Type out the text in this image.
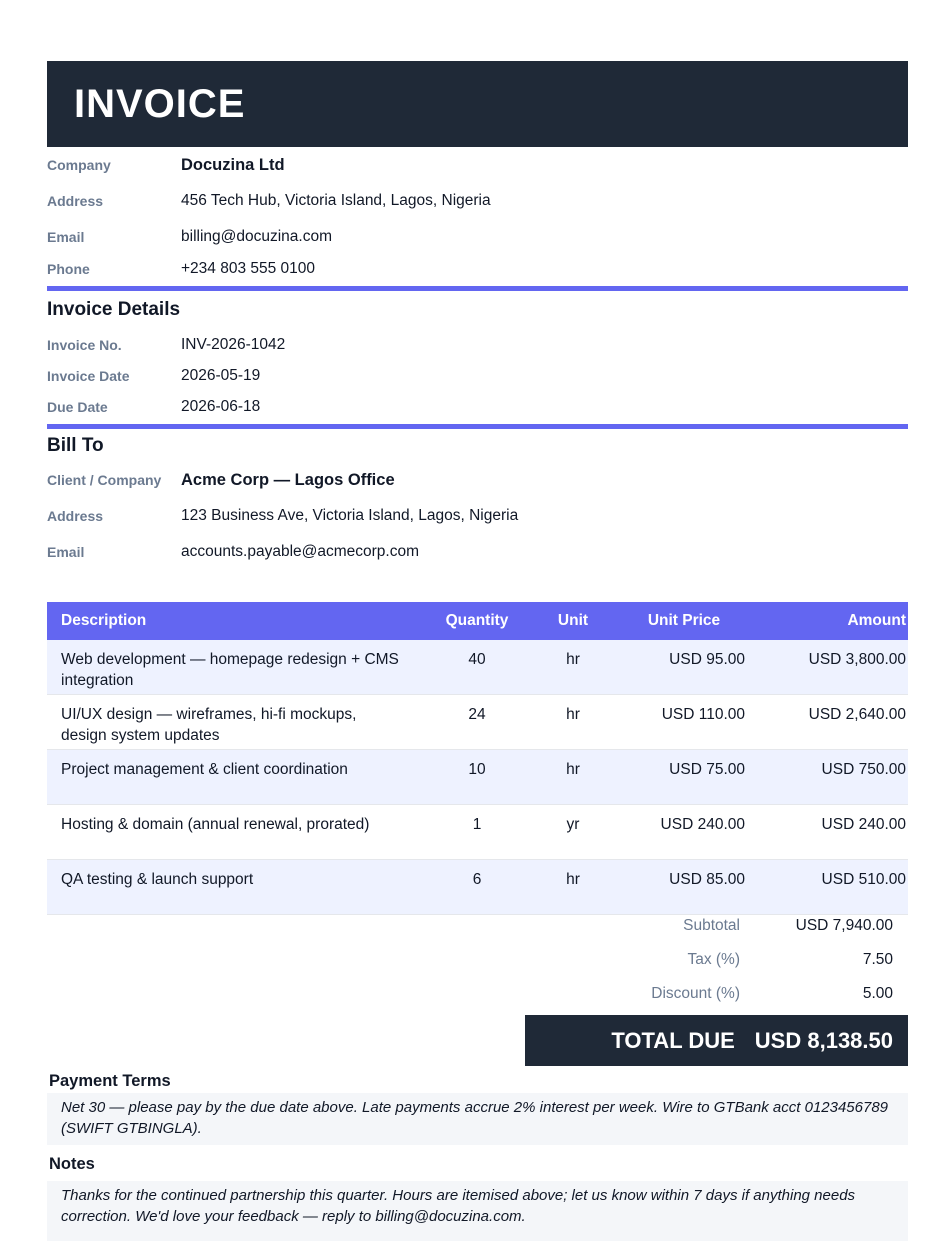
INVOICE
Company	Docuzina Ltd
Address	456 Tech Hub, Victoria Island, Lagos, Nigeria
Email	billing@docuzina.com
Phone	+234 803 555 0100
Invoice Details
Invoice No.	INV-2026-1042
Invoice Date	2026-05-19
Due Date	2026-06-18
Bill To
Client / Company	Acme Corp — Lagos Office
Address	123 Business Ave, Victoria Island, Lagos, Nigeria
Email	accounts.payable@acmecorp.com
Description	Quantity	Unit	Unit Price	Amount
Web development — homepage redesign + CMS integration	40	hr	USD 95.00	USD 3,800.00
UI/UX design — wireframes, hi-fi mockups, design system updates	24	hr	USD 110.00	USD 2,640.00
Project management & client coordination	10	hr	USD 75.00	USD 750.00
Hosting & domain (annual renewal, prorated)	1	yr	USD 240.00	USD 240.00
QA testing & launch support	6	hr	USD 85.00	USD 510.00
Subtotal	USD 7,940.00
Tax (%)	7.50
Discount (%)	5.00
TOTAL DUE USD 8,138.50
Payment Terms
Net 30 — please pay by the due date above. Late payments accrue 2% interest per week. Wire to GTBank acct 0123456789 (SWIFT GTBINGLA).
Notes
Thanks for the continued partnership this quarter. Hours are itemised above; let us know within 7 days if anything needs correction. We'd love your feedback — reply to billing@docuzina.com.
